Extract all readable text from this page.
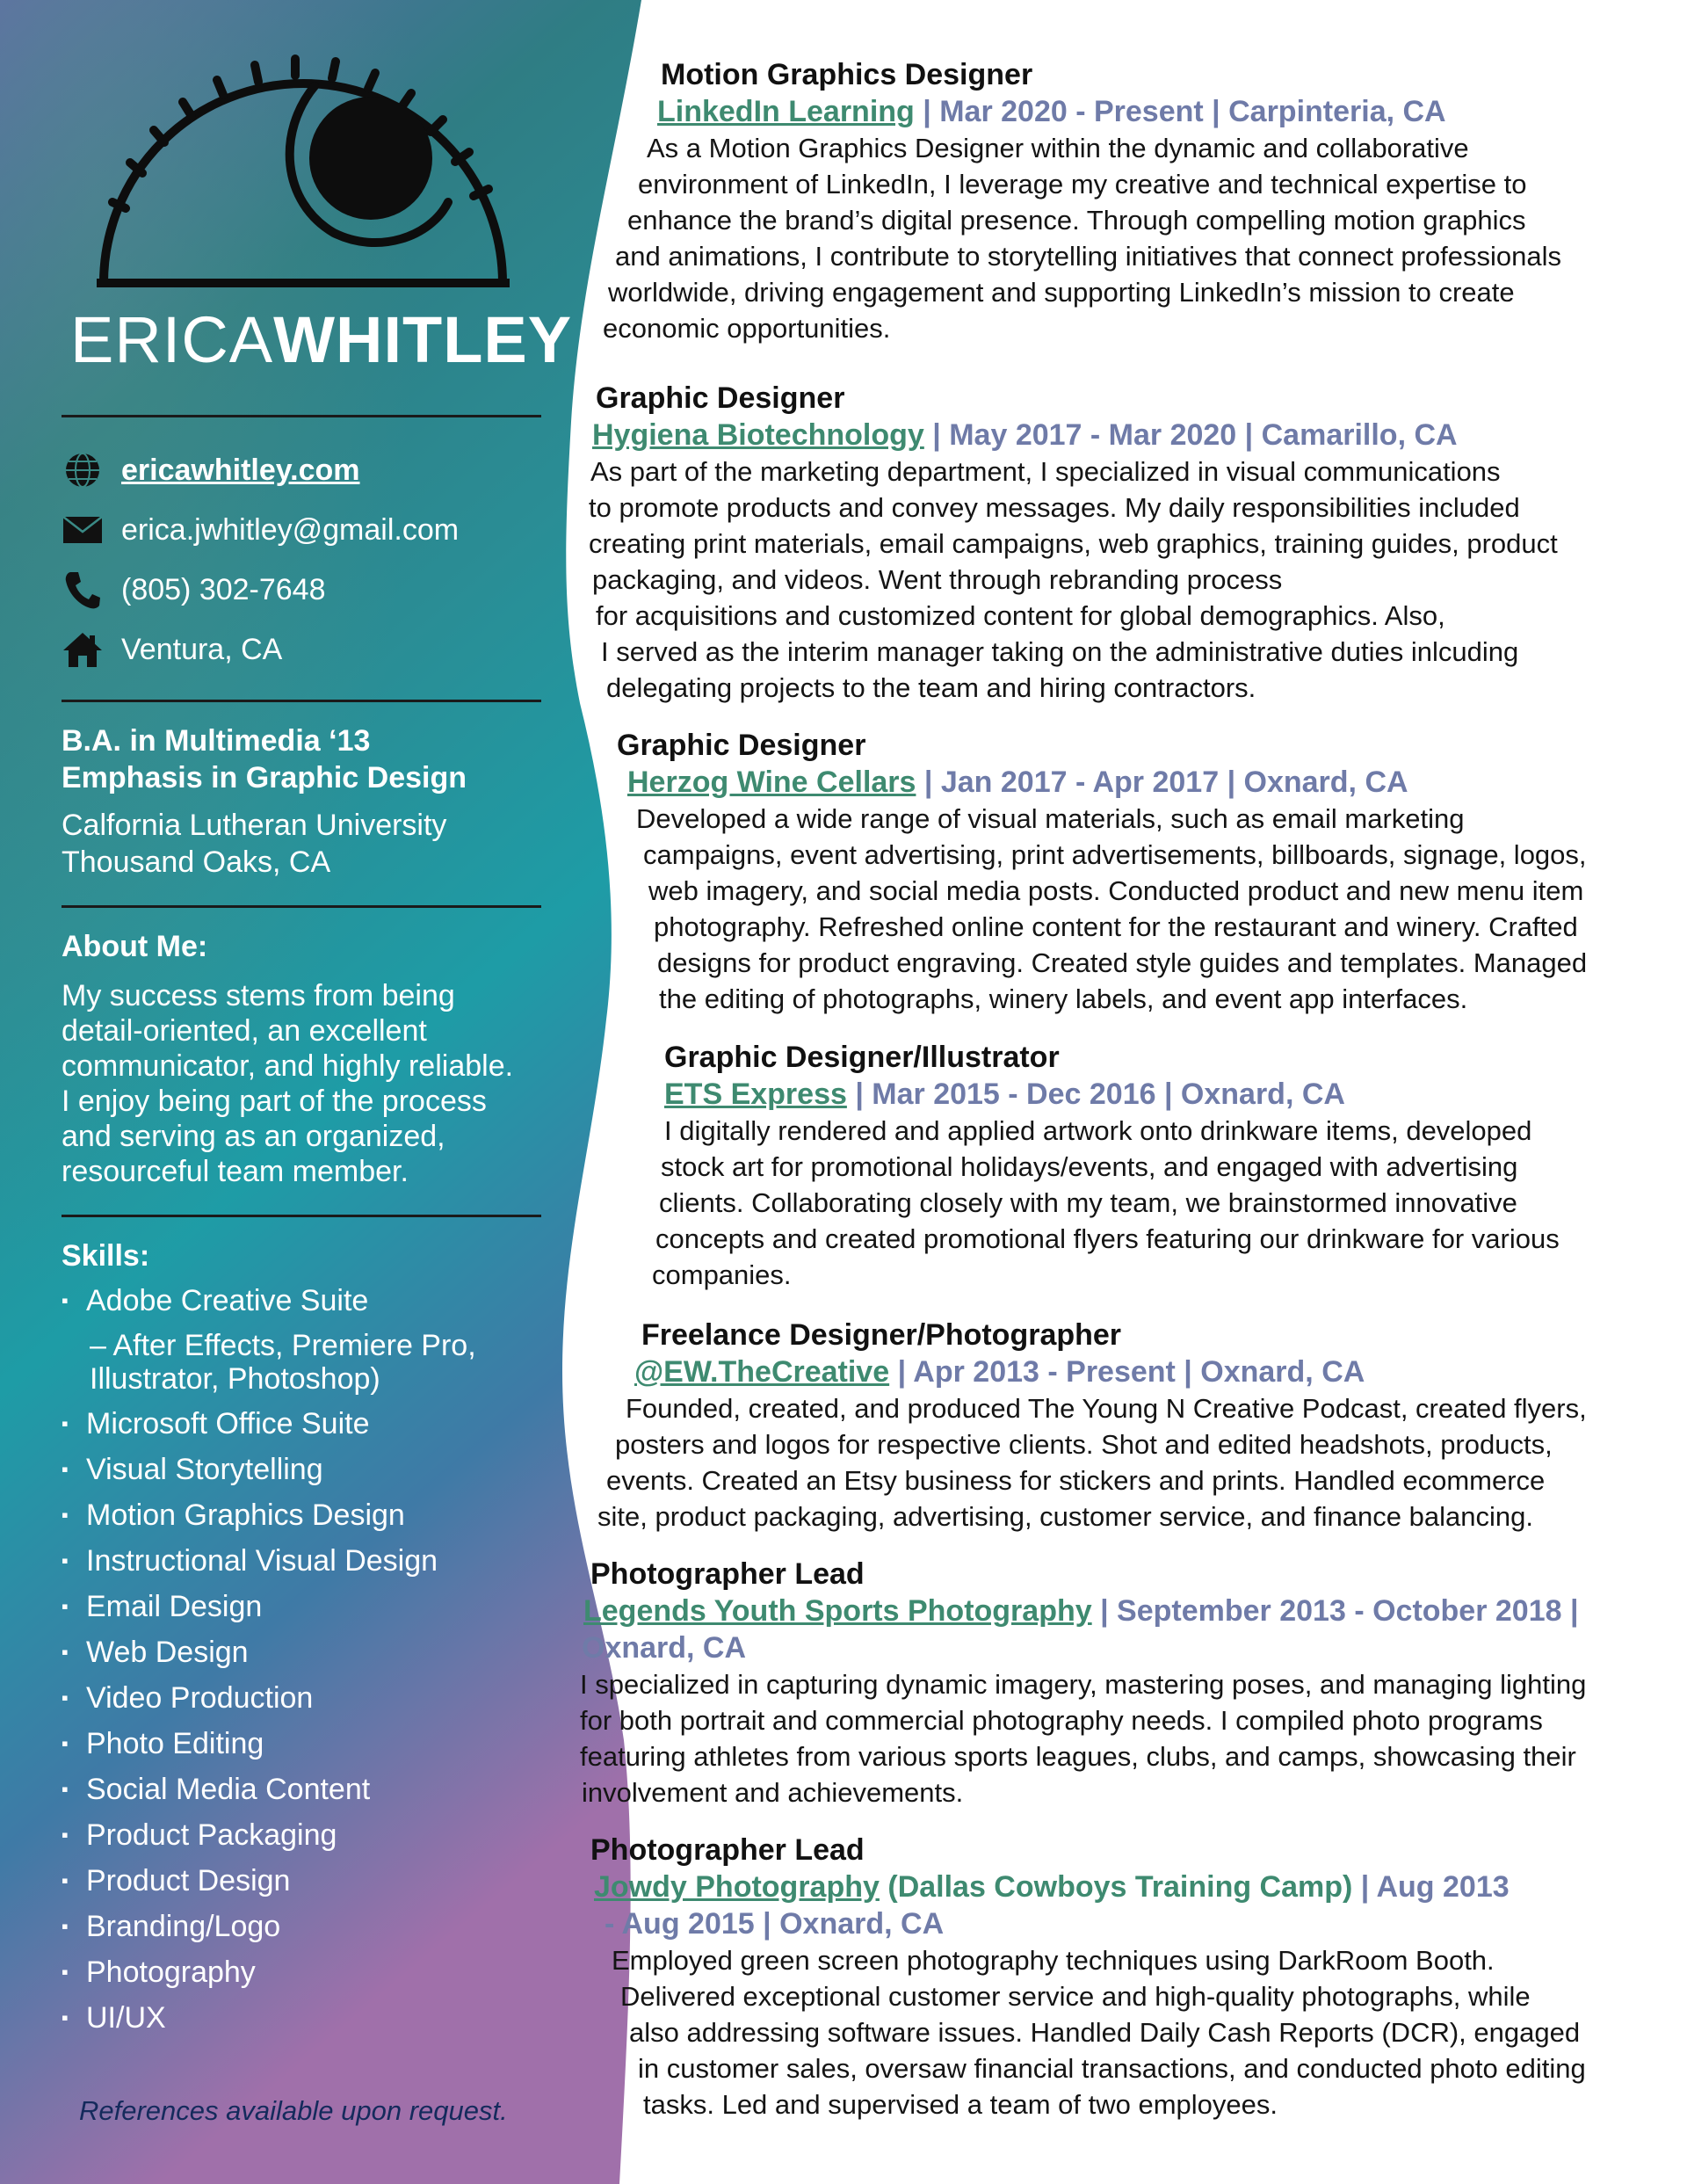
ERICAWHITLEY
ericawhitley.com
erica.jwhitley@gmail.com
(805) 302-7648
Ventura, CA
B.A. in Multimedia ‘13
Emphasis in Graphic Design
Calfornia Lutheran University
Thousand Oaks, CA
About Me:
My success stems from being
detail-oriented, an excellent
communicator, and highly reliable.
I enjoy being part of the process
and serving as an organized,
resourceful team member.
Skills:
▪ Adobe Creative Suite
– After Effects, Premiere Pro, Illustrator, Photoshop)
▪ Microsoft Office Suite
▪ Visual Storytelling
▪ Motion Graphics Design
▪ Instructional Visual Design
▪ Email Design
▪ Web Design
▪ Video Production
▪ Photo Editing
▪ Social Media Content
▪ Product Packaging
▪ Product Design
▪ Branding/Logo
▪ Photography
▪ UI/UX
References available upon request.
Motion Graphics Designer
LinkedIn Learning | Mar 2020 - Present | Carpinteria, CA
As a Motion Graphics Designer within the dynamic and collaborative
environment of LinkedIn, I leverage my creative and technical expertise to
enhance the brand’s digital presence. Through compelling motion graphics
and animations, I contribute to storytelling initiatives that connect professionals
worldwide, driving engagement and supporting LinkedIn’s mission to create
economic opportunities.
Graphic Designer
Hygiena Biotechnology | May 2017 - Mar 2020 | Camarillo, CA
As part of the marketing department, I specialized in visual communications
to promote products and convey messages. My daily responsibilities included
creating print materials, email campaigns, web graphics, training guides, product
packaging, and videos. Went through rebranding process
for acquisitions and customized content for global demographics. Also,
I served as the interim manager taking on the administrative duties inlcuding
delegating projects to the team and hiring contractors.
Graphic Designer
Herzog Wine Cellars | Jan 2017 - Apr 2017 | Oxnard, CA
Developed a wide range of visual materials, such as email marketing
campaigns, event advertising, print advertisements, billboards, signage, logos,
web imagery, and social media posts. Conducted product and new menu item
photography. Refreshed online content for the restaurant and winery. Crafted
designs for product engraving. Created style guides and templates. Managed
the editing of photographs, winery labels, and event app interfaces.
Graphic Designer/Illustrator
ETS Express | Mar 2015 - Dec 2016 | Oxnard, CA
I digitally rendered and applied artwork onto drinkware items, developed
stock art for promotional holidays/events, and engaged with advertising
clients. Collaborating closely with my team, we brainstormed innovative
concepts and created promotional flyers featuring our drinkware for various
companies.
Freelance Designer/Photographer
@EW.TheCreative | Apr 2013 - Present | Oxnard, CA
Founded, created, and produced The Young N Creative Podcast, created flyers,
posters and logos for respective clients. Shot and edited headshots, products,
events. Created an Etsy business for stickers and prints. Handled ecommerce
site, product packaging, advertising, customer service, and finance balancing.
Photographer Lead
Legends Youth Sports Photography | September 2013 - October 2018 |
Oxnard, CA
I specialized in capturing dynamic imagery, mastering poses, and managing lighting
for both portrait and commercial photography needs. I compiled photo programs
featuring athletes from various sports leagues, clubs, and camps, showcasing their
involvement and achievements.
Photographer Lead
Jowdy Photography (Dallas Cowboys Training Camp) | Aug 2013
- Aug 2015 | Oxnard, CA
Employed green screen photography techniques using DarkRoom Booth.
Delivered exceptional customer service and high-quality photographs, while
also addressing software issues. Handled Daily Cash Reports (DCR), engaged
in customer sales, oversaw financial transactions, and conducted photo editing
tasks. Led and supervised a team of two employees.
